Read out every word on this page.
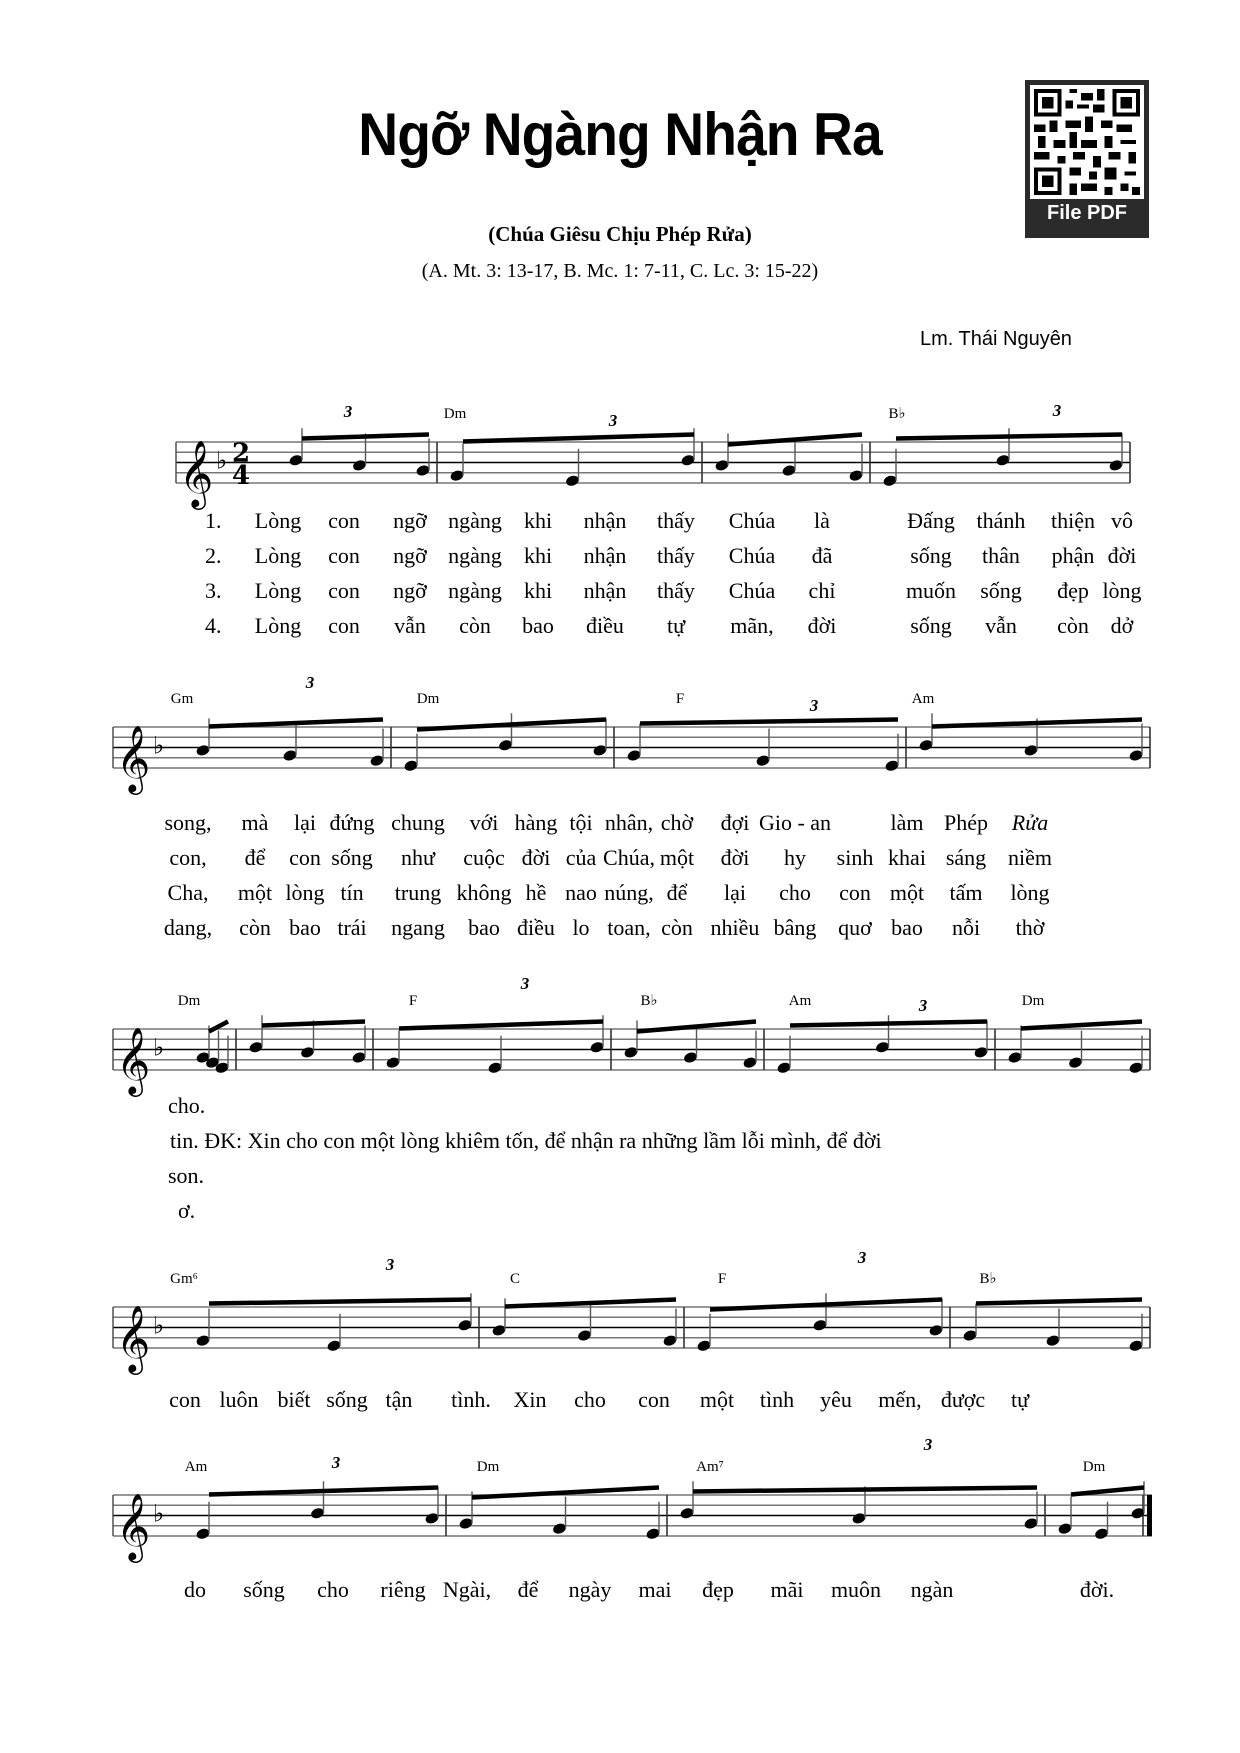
Ngỡ Ngàng Nhận Ra
(Chúa Giêsu Chịu Phép Rửa)
(A. Mt. 3: 13-17, B. Mc. 1: 7-11, C. Lc. 3: 15-22)
Lm. Thái Nguyên
File PDF
𝄞 ♭ 2
4
Dm	B♭
3	3
3
𝄞 ♭
Gm	Dm	F	Am
3
3
𝄞 ♭
Dm	F	B♭	Am	Dm
3
3
𝄞 ♭
Gm⁶	C	F	B♭
3	3
𝄞 ♭
Am	Dm	Am⁷	Dm
3
3
1. Lòng con ngỡ ngàng khi nhận thấy Chúa là	Đấng thánh thiện vô
2. Lòng con ngỡ ngàng khi nhận thấy Chúa đã	sống thân phận đời
3. Lòng con ngỡ ngàng khi nhận thấy Chúa chỉ	muốn sống đẹp lòng
4. Lòng con vẫn còn bao điều tự mãn, đời	sống vẫn còn dở
song, mà lại đứng chung với hàng tội nhân, chờ đợi Gio - an	làm Phép Rửa
con, để con sống như cuộc đời của Chúa, một đời hy sinh khai sáng niềm
Cha, một lòng tín trung không hề nao núng, để lại cho con một tấm lòng
dang, còn bao trái ngang bao điều lo toan, còn nhiều bâng quơ bao nỗi thờ
cho.
tin. ĐK: Xin cho con một lòng khiêm tốn, để nhận ra những lầm lỗi mình, để đời
son.
ơ.
con luôn biết sống tận tình. Xin cho con một tình yêu mến, được tự
do sống cho riêng Ngài, để ngày mai đẹp mãi muôn ngàn	đời.
